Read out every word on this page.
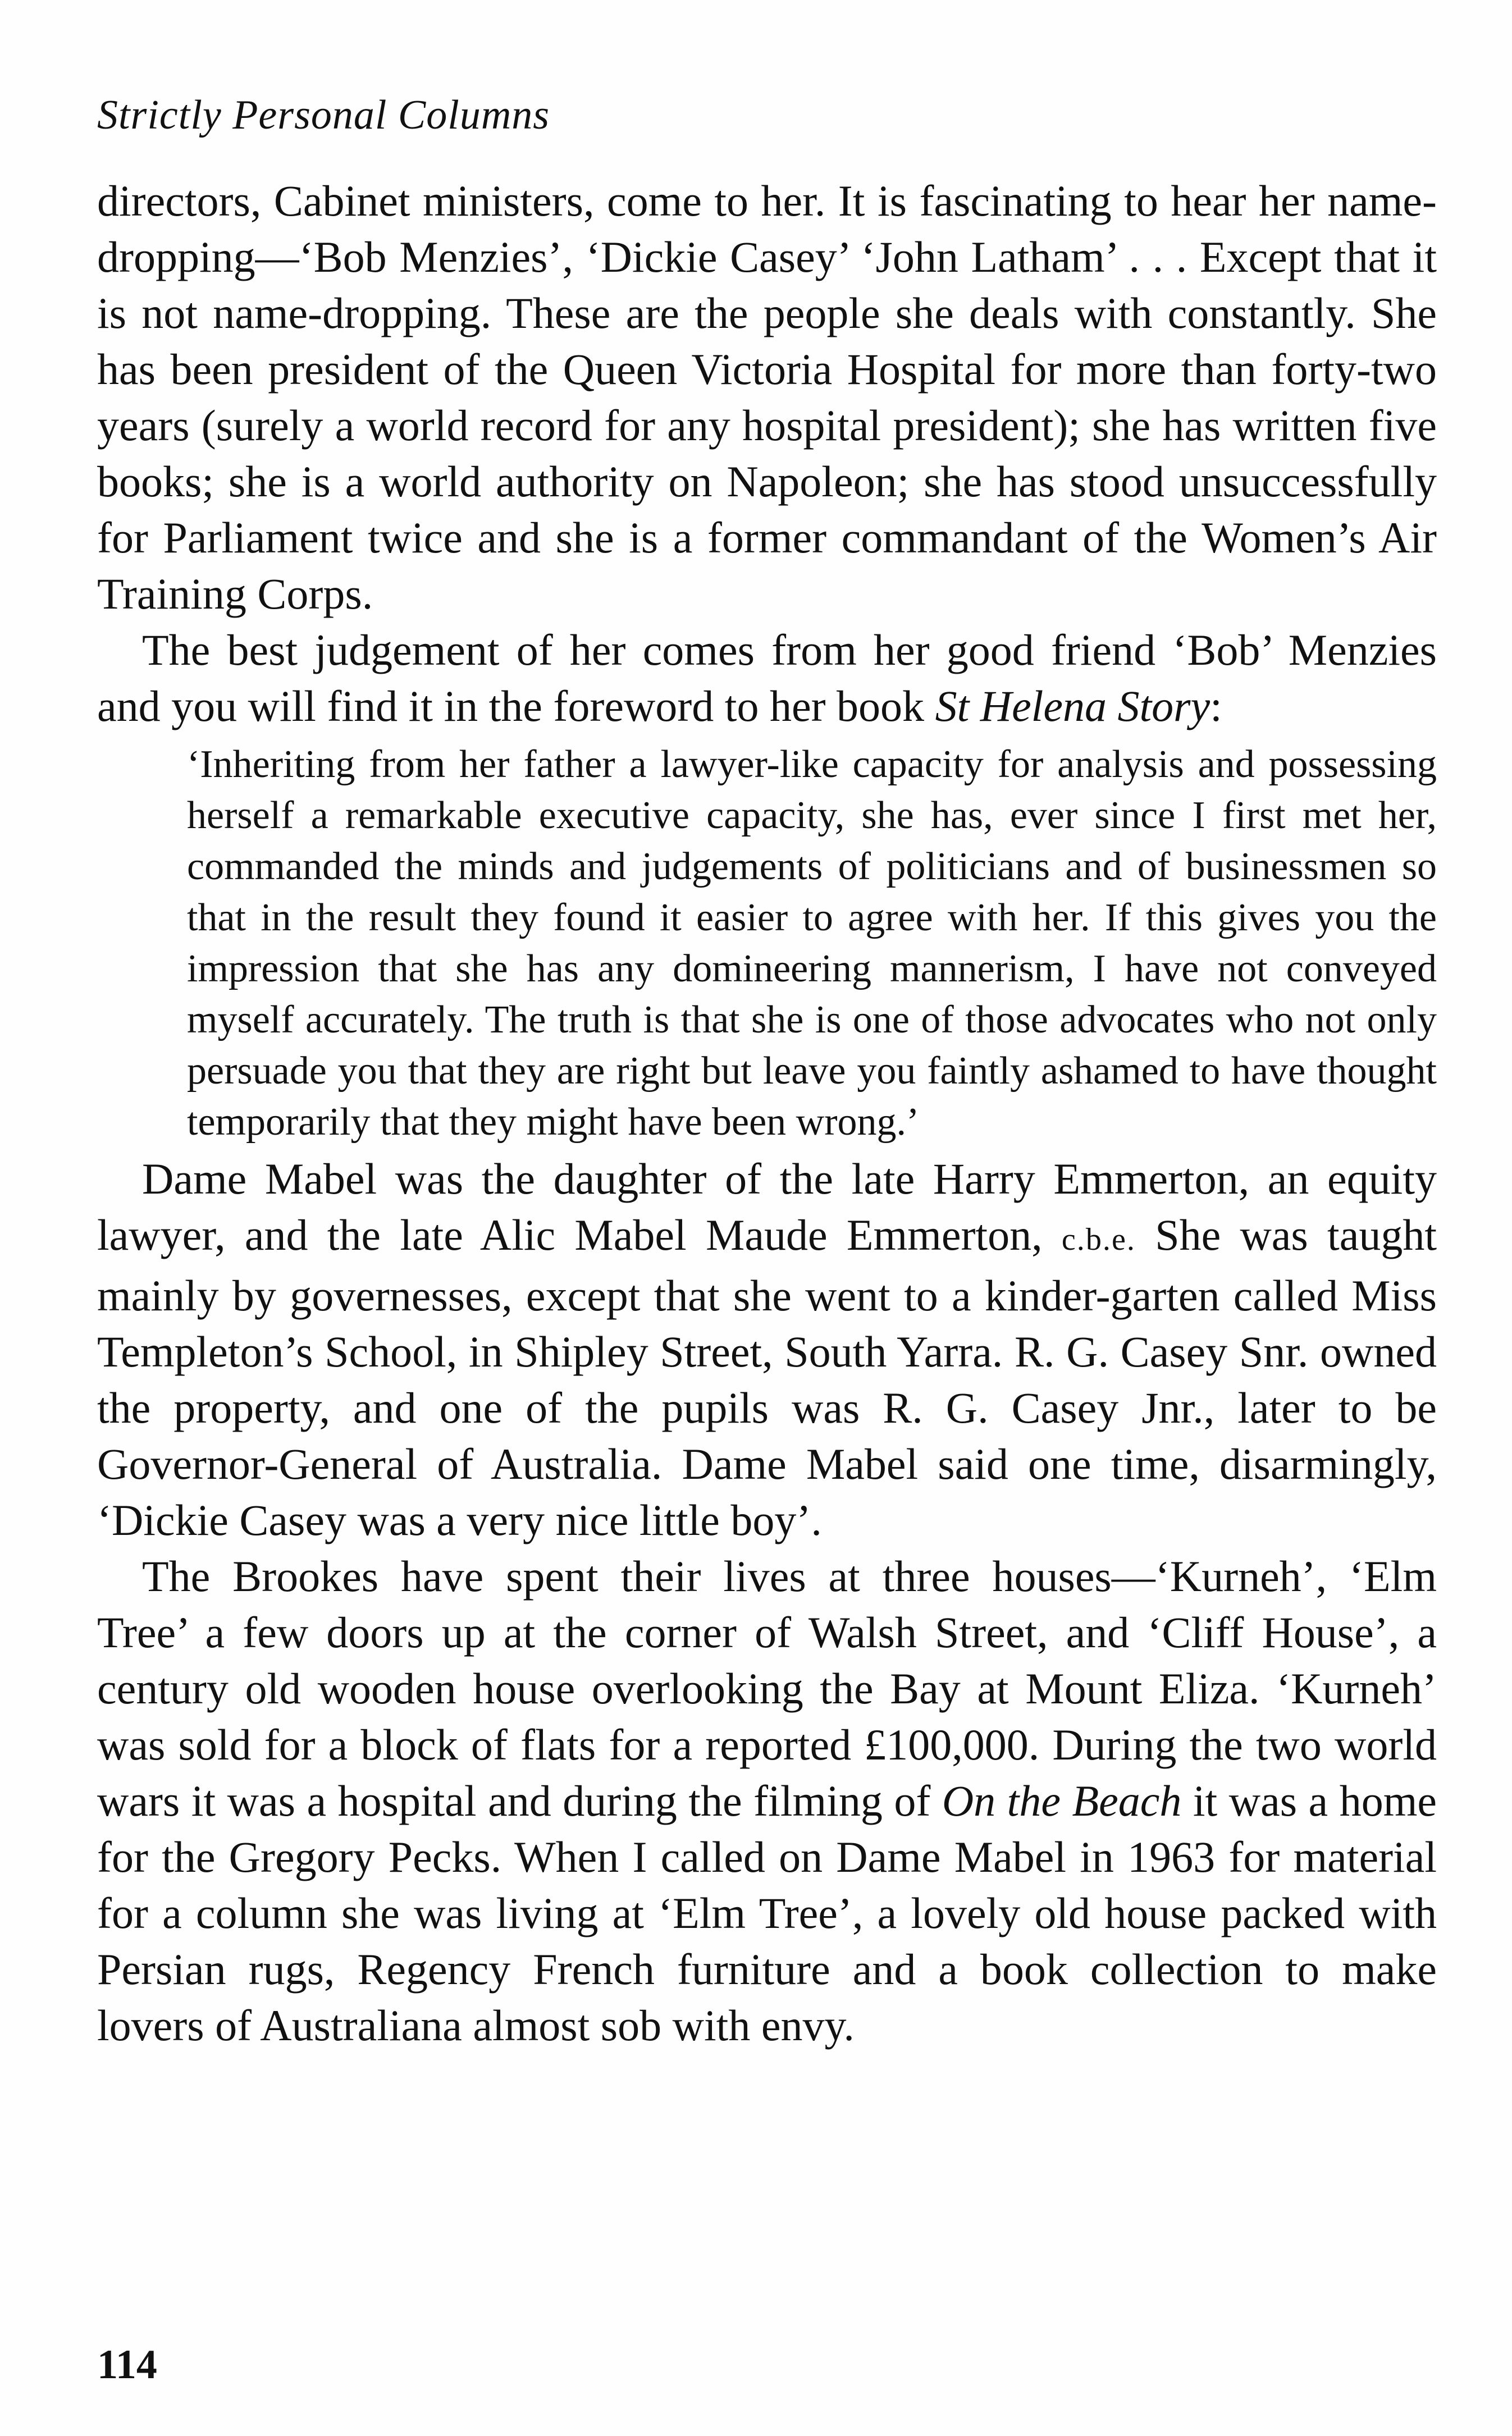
Strictly Personal Columns

directors, Cabinet ministers, come to her. It is fascinating to hear her name-dropping—‘Bob Menzies’, ‘Dickie Casey’ ‘John Latham’ . . . Except that it is not name-dropping. These are the people she deals with constantly. She has been president of the Queen Victoria Hospital for more than forty-two years (surely a world record for any hospital president); she has written five books; she is a world authority on Napoleon; she has stood unsuccessfully for Parliament twice and she is a former commandant of the Women’s Air Training Corps.

The best judgement of her comes from her good friend ‘Bob’ Menzies and you will find it in the foreword to her book St Helena Story:

‘Inheriting from her father a lawyer-like capacity for analysis and possessing herself a remarkable executive capacity, she has, ever since I first met her, commanded the minds and judgements of politicians and of businessmen so that in the result they found it easier to agree with her. If this gives you the impression that she has any domineering mannerism, I have not conveyed myself accurately. The truth is that she is one of those advocates who not only persuade you that they are right but leave you faintly ashamed to have thought temporarily that they might have been wrong.’

Dame Mabel was the daughter of the late Harry Emmerton, an equity lawyer, and the late Alic Mabel Maude Emmerton, c.b.e. She was taught mainly by governesses, except that she went to a kinder-garten called Miss Templeton’s School, in Shipley Street, South Yarra. R. G. Casey Snr. owned the property, and one of the pupils was R. G. Casey Jnr., later to be Governor-General of Australia. Dame Mabel said one time, disarmingly, ‘Dickie Casey was a very nice little boy’.

The Brookes have spent their lives at three houses—‘Kurneh’, ‘Elm Tree’ a few doors up at the corner of Walsh Street, and ‘Cliff House’, a century old wooden house overlooking the Bay at Mount Eliza. ‘Kurneh’ was sold for a block of flats for a reported £100,000. During the two world wars it was a hospital and during the filming of On the Beach it was a home for the Gregory Pecks. When I called on Dame Mabel in 1963 for material for a column she was living at ‘Elm Tree’, a lovely old house packed with Persian rugs, Regency French furniture and a book collection to make lovers of Australiana almost sob with envy.

114
